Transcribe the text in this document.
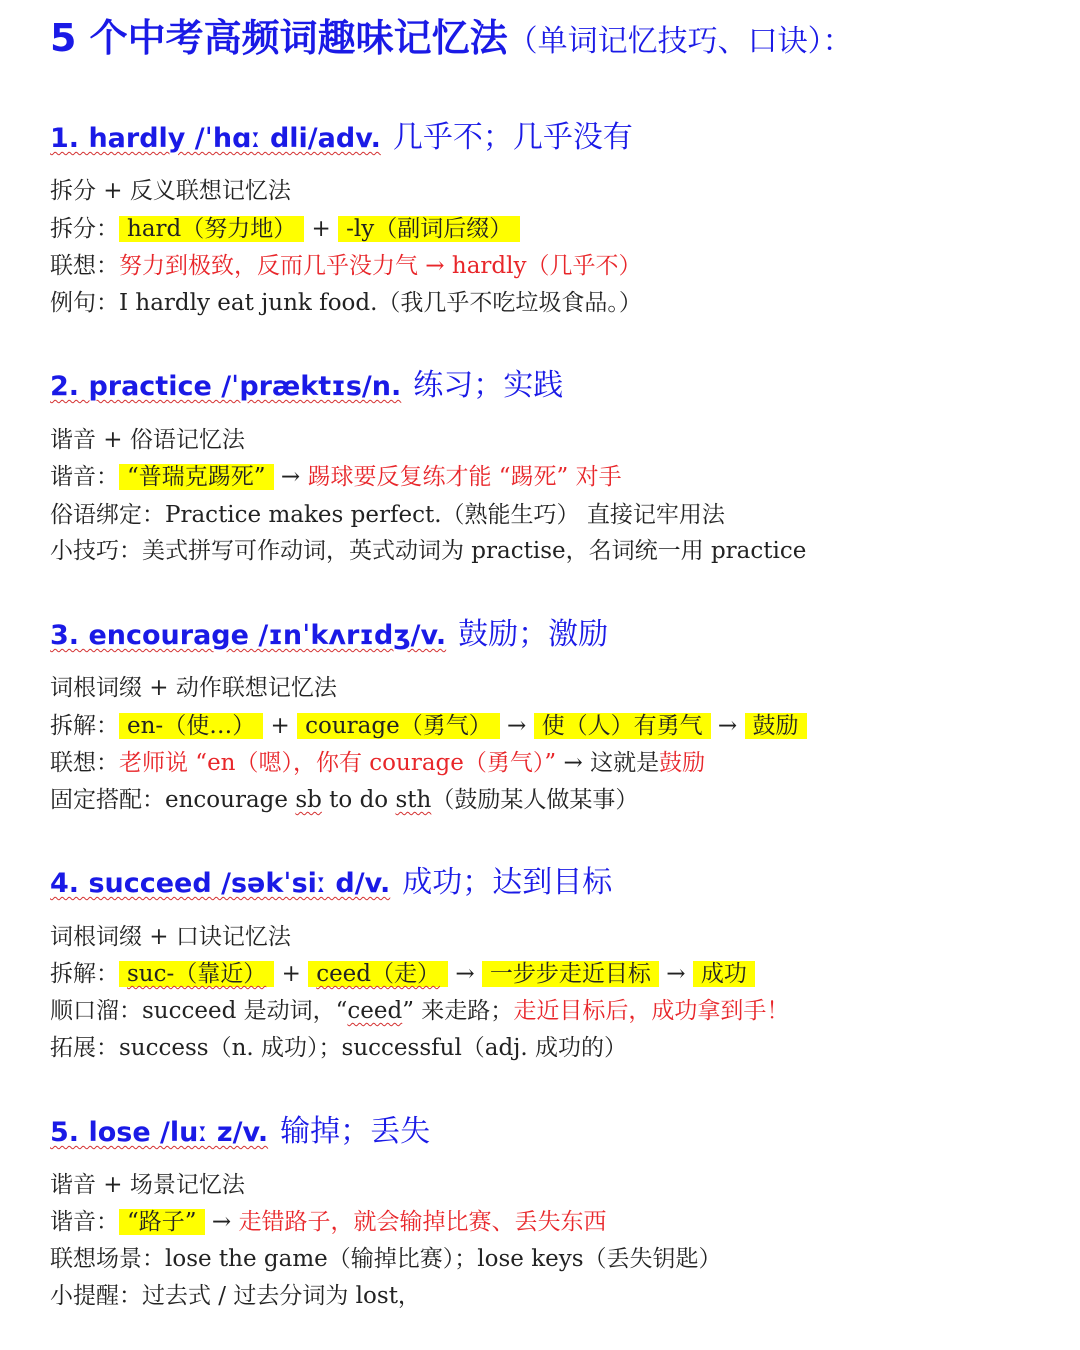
5 个中考高频词趣味记忆法（单词记忆技巧、口诀）：
1. hardly /ˈhɑː dli/adv. 几乎不；几乎没有
拆分 + 反义联想记忆法
拆分： hard（努力地） + -ly（副词后缀）
联想：努力到极致，反而几乎没力气 → hardly（几乎不）
例句：I hardly eat junk food.（我几乎不吃垃圾食品。）
2. practice /ˈpræktɪs/n. 练习；实践
谐音 + 俗语记忆法
谐音： “普瑞克踢死” → 踢球要反复练才能 “踢死” 对手
俗语绑定：Practice makes perfect.（熟能生巧） 直接记牢用法
小技巧：美式拼写可作动词，英式动词为 practise，名词统一用 practice
3. encourage /ɪnˈkʌrɪdʒ/v. 鼓励；激励
词根词缀 + 动作联想记忆法
拆解： en-（使…） + courage（勇气） → 使（人）有勇气 → 鼓励
联想：老师说 “en（嗯），你有 courage（勇气）” → 这就是鼓励
固定搭配：encourage sb to do sth（鼓励某人做某事）
4. succeed /səkˈsiː d/v. 成功；达到目标
词根词缀 + 口诀记忆法
拆解： suc-（靠近） + ceed（走） → 一步步走近目标 → 成功
顺口溜：succeed 是动词，“ceed” 来走路；走近目标后，成功拿到手！
拓展：success（n. 成功）；successful（adj. 成功的）
5. lose /luː z/v. 输掉；丢失
谐音 + 场景记忆法
谐音： “路子” → 走错路子，就会输掉比赛、丢失东西
联想场景：lose the game（输掉比赛）；lose keys（丢失钥匙）
小提醒：过去式 / 过去分词为 lost，
